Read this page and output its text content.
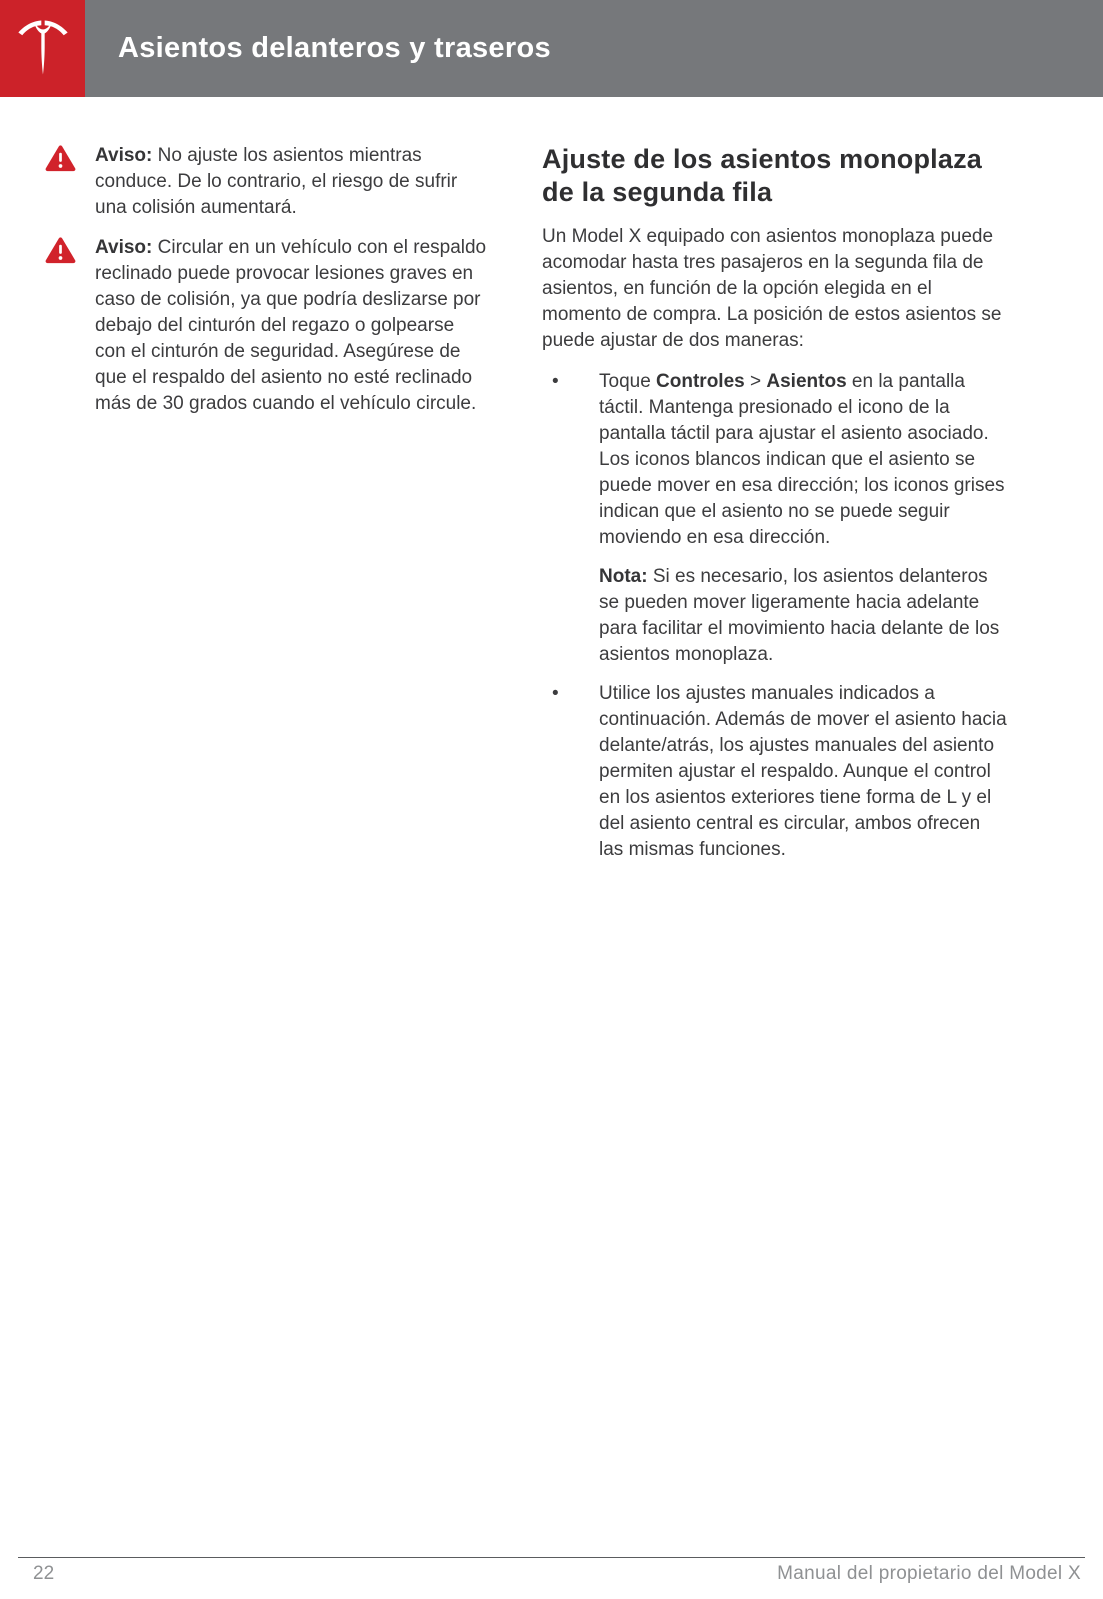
Asientos delanteros y traseros

Aviso: No ajuste los asientos mientras conduce. De lo contrario, el riesgo de sufrir una colisión aumentará.

Aviso: Circular en un vehículo con el respaldo reclinado puede provocar lesiones graves en caso de colisión, ya que podría deslizarse por debajo del cinturón del regazo o golpearse con el cinturón de seguridad. Asegúrese de que el respaldo del asiento no esté reclinado más de 30 grados cuando el vehículo circule.

Ajuste de los asientos monoplaza de la segunda fila

Un Model X equipado con asientos monoplaza puede acomodar hasta tres pasajeros en la segunda fila de asientos, en función de la opción elegida en el momento de compra. La posición de estos asientos se puede ajustar de dos maneras:

•	Toque Controles > Asientos en la pantalla táctil. Mantenga presionado el icono de la pantalla táctil para ajustar el asiento asociado. Los iconos blancos indican que el asiento se puede mover en esa dirección; los iconos grises indican que el asiento no se puede seguir moviendo en esa dirección.

Nota: Si es necesario, los asientos delanteros se pueden mover ligeramente hacia adelante para facilitar el movimiento hacia delante de los asientos monoplaza.

•	Utilice los ajustes manuales indicados a continuación. Además de mover el asiento hacia delante/atrás, los ajustes manuales del asiento permiten ajustar el respaldo. Aunque el control en los asientos exteriores tiene forma de L y el del asiento central es circular, ambos ofrecen las mismas funciones.

22	Manual del propietario del Model X
